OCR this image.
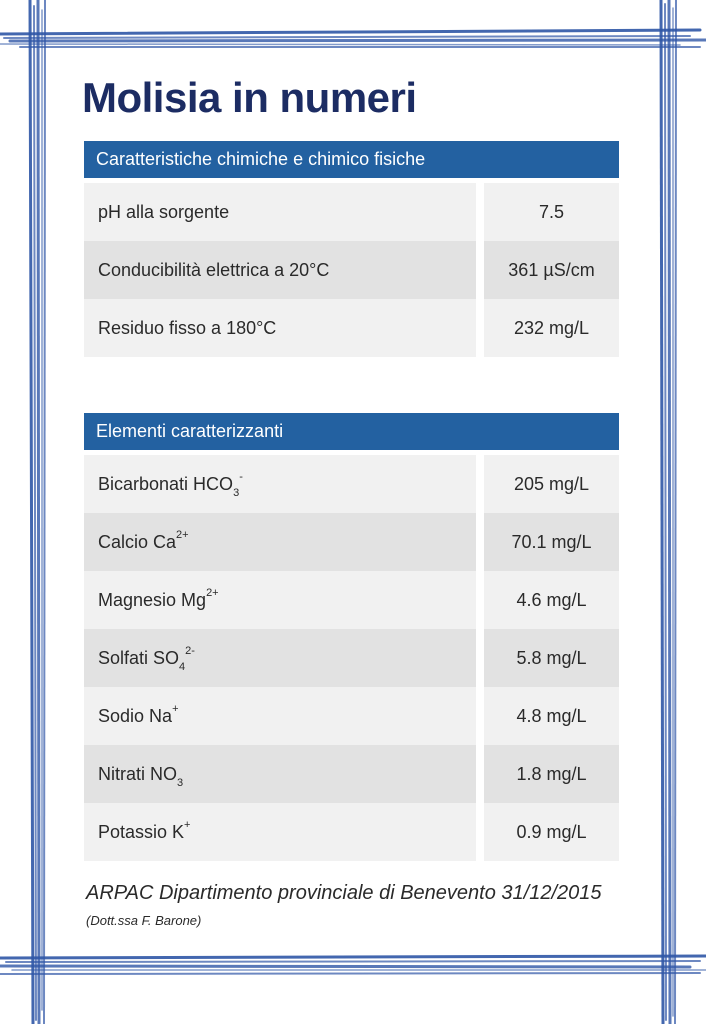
Molisia in numeri
Caratteristiche chimiche e chimico fisiche
pH alla sorgente	7.5
Conducibilità elettrica a 20°C	361 µS/cm
Residuo fisso a 180°C	232 mg/L
Elementi caratterizzanti
Bicarbonati $HCO_3^-$	205 mg/L
Calcio $Ca^{2+}$	70.1 mg/L
Magnesio $Mg^{2+}$	4.6 mg/L
Solfati $SO_4^{2-}$	5.8 mg/L
Sodio Na+	4.8 mg/L
Nitrati $NO_3$	1.8 mg/L
Potassio K+	0.9 mg/L
ARPAC Dipartimento provinciale di Benevento 31/12/2015
(Dott.ssa F. Barone)
